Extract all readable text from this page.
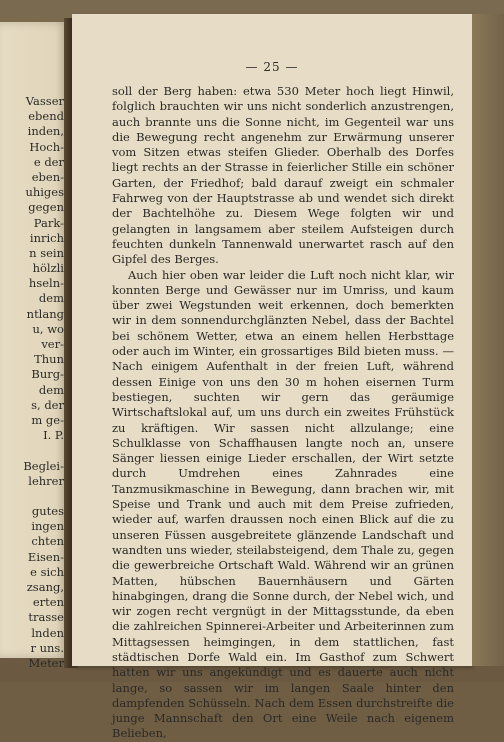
Vasser
ebend
inden,
Hoch-
e der
eben-
uhiges
gegen
Park-
inrich
n sein
hölzli
hseln-
dem
ntlang
u, wo
ver-
Thun
Burg-
dem
s, der
m ge-
I. P.
Beglei-
lehrer
gutes
ingen
chten
Eisen-
e sich
zsang,
erten
trasse
lnden
r uns.
Meter
— 25 —

soll der Berg haben: etwa 530 Meter hoch liegt Hinwil, folglich brauchten wir uns nicht sonderlich anzustrengen, auch brannte uns die Sonne nicht, im Gegenteil war uns die Bewegung recht angenehm zur Erwärmung unserer vom Sitzen etwas steifen Glieder. Oberhalb des Dorfes liegt rechts an der Strasse in feierlicher Stille ein schöner Garten, der Friedhof; bald darauf zweigt ein schmaler Fahrweg von der Hauptstrasse ab und wendet sich direkt der Bachtelhöhe zu. Diesem Wege folgten wir und gelangten in langsamem aber steilem Aufsteigen durch feuchten dunkeln Tannenwald unerwartet rasch auf den Gipfel des Berges.

Auch hier oben war leider die Luft noch nicht klar, wir konnten Berge und Gewässer nur im Umriss, und kaum über zwei Wegstunden weit erkennen, doch bemerkten wir in dem sonnendurchglänzten Nebel, dass der Bachtel bei schönem Wetter, etwa an einem hellen Herbsttage oder auch im Winter, ein grossartiges Bild bieten muss. — Nach einigem Aufenthalt in der freien Luft, während dessen Einige von uns den 30 m hohen eisernen Turm bestiegen, suchten wir gern das geräumige Wirtschaftslokal auf, um uns durch ein zweites Frühstück zu kräftigen. Wir sassen nicht allzulange; eine Schulklasse von Schaffhausen langte noch an, unsere Sänger liessen einige Lieder erschallen, der Wirt setzte durch Umdrehen eines Zahnrades eine Tanzmusikmaschine in Bewegung, dann brachen wir, mit Speise und Trank und auch mit dem Preise zufrieden, wieder auf, warfen draussen noch einen Blick auf die zu unseren Füssen ausgebreitete glänzende Landschaft und wandten uns wieder, steilabsteigend, dem Thale zu, gegen die gewerbreiche Ortschaft Wald. Während wir an grünen Matten, hübschen Bauernhäusern und Gärten hinabgingen, drang die Sonne durch, der Nebel wich, und wir zogen recht vergnügt in der Mittagsstunde, da eben die zahlreichen Spinnerei-Arbeiter und Arbeiterinnen zum Mittagsessen heimgingen, in dem stattlichen, fast städtischen Dorfe Wald ein. Im Gasthof zum Schwert hatten wir uns angekündigt und es dauerte auch nicht lange, so sassen wir im langen Saale hinter den dampfenden Schüsseln. Nach dem Essen durchstreifte die junge Mannschaft den Ort eine Weile nach eigenem Belieben,
